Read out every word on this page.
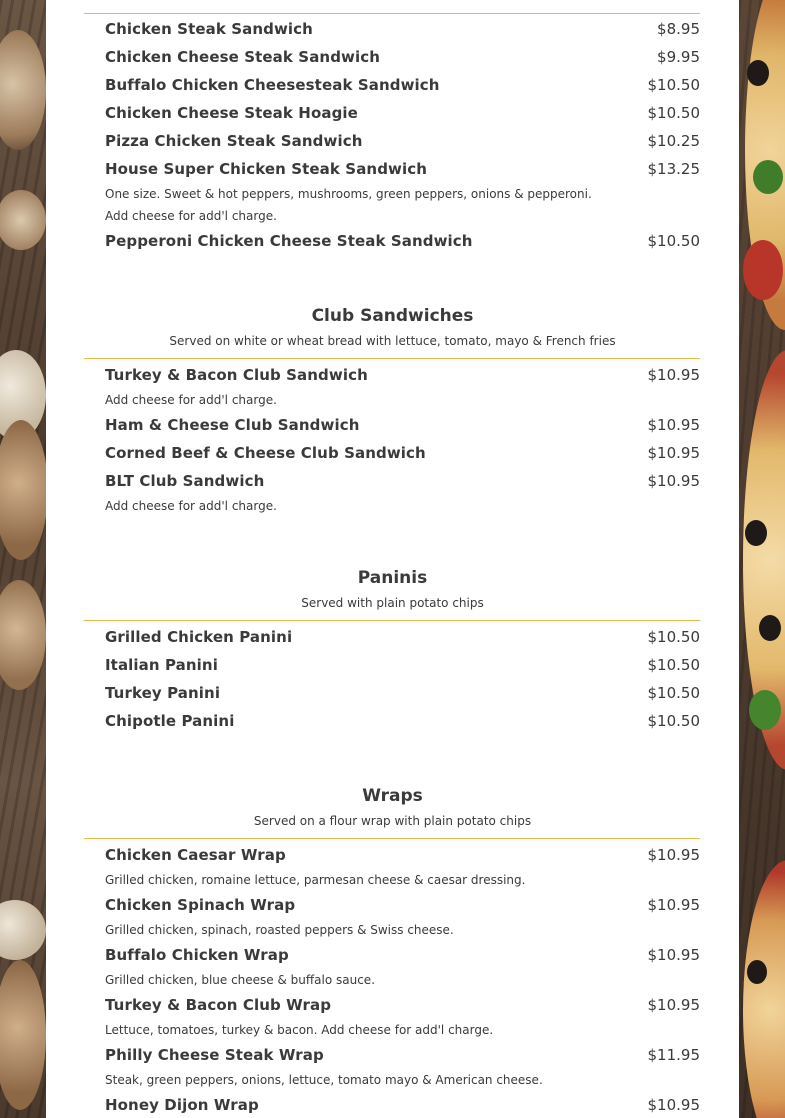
Chicken Steak Sandwich	$8.95
Chicken Cheese Steak Sandwich	$9.95
Buffalo Chicken Cheesesteak Sandwich	$10.50
Chicken Cheese Steak Hoagie	$10.50
Pizza Chicken Steak Sandwich	$10.25
House Super Chicken Steak Sandwich	$13.25
One size. Sweet & hot peppers, mushrooms, green peppers, onions & pepperoni. Add cheese for add'l charge.
Pepperoni Chicken Cheese Steak Sandwich	$10.50
Club Sandwiches
Served on white or wheat bread with lettuce, tomato, mayo & French fries
Turkey & Bacon Club Sandwich	$10.95
Add cheese for add'l charge.
Ham & Cheese Club Sandwich	$10.95
Corned Beef & Cheese Club Sandwich	$10.95
BLT Club Sandwich	$10.95
Add cheese for add'l charge.
Paninis
Served with plain potato chips
Grilled Chicken Panini	$10.50
Italian Panini	$10.50
Turkey Panini	$10.50
Chipotle Panini	$10.50
Wraps
Served on a flour wrap with plain potato chips
Chicken Caesar Wrap	$10.95
Grilled chicken, romaine lettuce, parmesan cheese & caesar dressing.
Chicken Spinach Wrap	$10.95
Grilled chicken, spinach, roasted peppers & Swiss cheese.
Buffalo Chicken Wrap	$10.95
Grilled chicken, blue cheese & buffalo sauce.
Turkey & Bacon Club Wrap	$10.95
Lettuce, tomatoes, turkey & bacon. Add cheese for add'l charge.
Philly Cheese Steak Wrap	$11.95
Steak, green peppers, onions, lettuce, tomato mayo & American cheese.
Honey Dijon Wrap	$10.95
